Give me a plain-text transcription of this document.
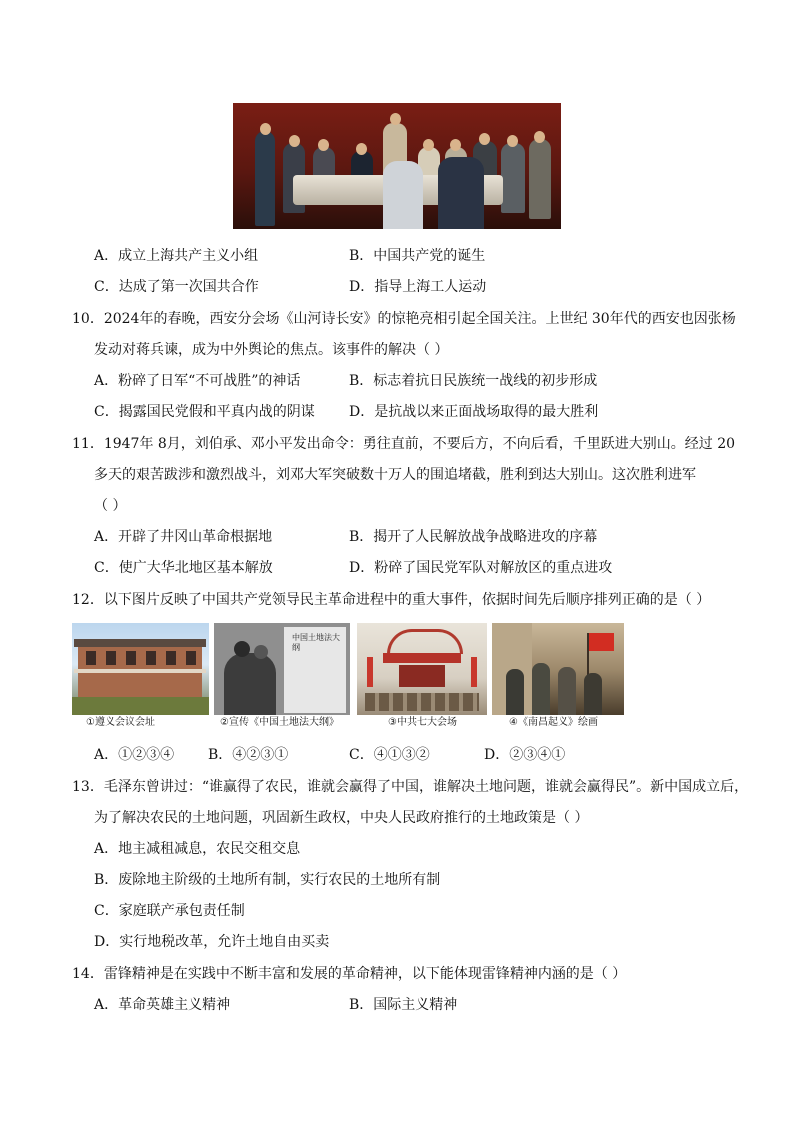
A．成立上海共产主义小组	B．中国共产党的诞生
C．达成了第一次国共合作	D．指导上海工人运动
10．2024年的春晚，西安分会场《山河诗长安》的惊艳亮相引起全国关注。上世纪 30年代的西安也因张杨
发动对蒋兵谏，成为中外舆论的焦点。该事件的解决（ ）
A．粉碎了日军“不可战胜”的神话	B．标志着抗日民族统一战线的初步形成
C．揭露国民党假和平真内战的阴谋 D．是抗战以来正面战场取得的最大胜利
11．1947年 8月，刘伯承、邓小平发出命令：勇往直前，不要后方，不向后看，千里跃进大别山。经过 20
多天的艰苦跋涉和激烈战斗，刘邓大军突破数十万人的围追堵截，胜利到达大别山。这次胜利进军
（ ）
A．开辟了井冈山革命根据地	B．揭开了人民解放战争战略进攻的序幕
C．使广大华北地区基本解放	D．粉碎了国民党军队对解放区的重点进攻
12．以下图片反映了中国共产党领导民主革命进程中的重大事件，依据时间先后顺序排列正确的是（ ）
中国土地法大纲
①遵义会议会址	②宣传《中国土地法大纲》	③中共七大会场	④《南昌起义》绘画
A．①②③④ B．④②③①	C．④①③②	D．②③④①
13．毛泽东曾讲过：“谁赢得了农民，谁就会赢得了中国，谁解决土地问题，谁就会赢得民”。新中国成立后，
为了解决农民的土地问题，巩固新生政权，中央人民政府推行的土地政策是（ ）
A．地主减租减息，农民交租交息
B．废除地主阶级的土地所有制，实行农民的土地所有制
C．家庭联产承包责任制
D．实行地税改革，允许土地自由买卖
14．雷锋精神是在实践中不断丰富和发展的革命精神，以下能体现雷锋精神内涵的是（ ）
A．革命英雄主义精神	B．国际主义精神
